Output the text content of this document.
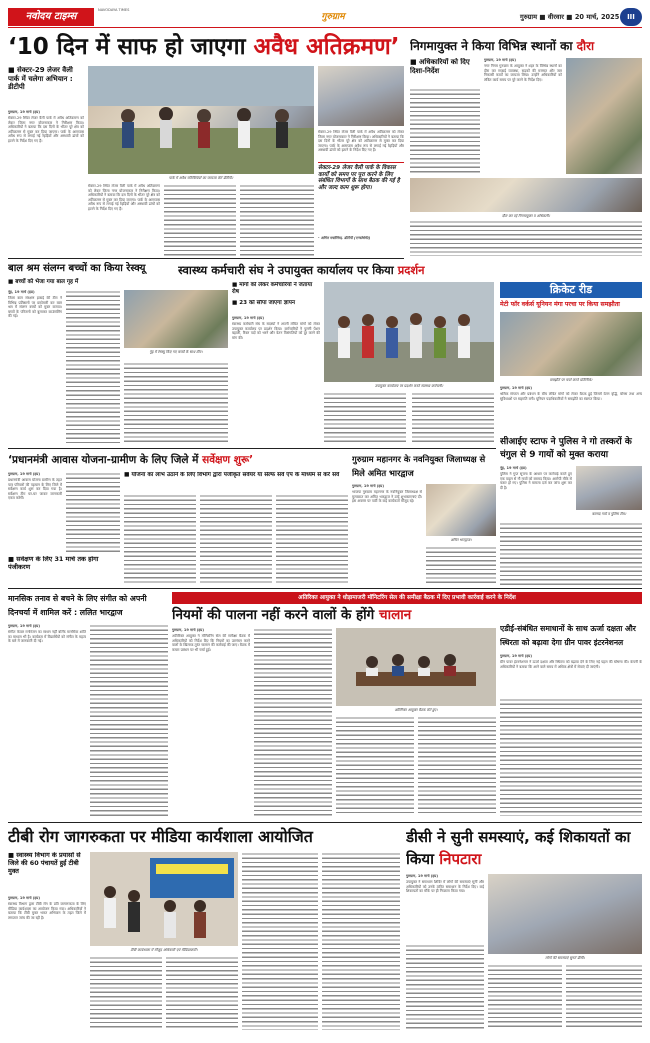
नवोदय टाइम्स
NAVODAYA TIMES
गुरुग्राम	गुरुग्राम ■ वीरवार ■ 20 मार्च, 2025	III
‘10 दिन में साफ हो जाएगा अवैध अतिक्रमण’
■ सेक्टर-29 लेजर वैली पार्क में चलेगा अभियान : डीटीपी
गुरुग्राम, 19 मार्च (हप्र)
सेक्टर-29 स्थित लेजर वैली पार्क में अवैध अतिक्रमण को लेकर जिला नगर योजनाकार ने निरीक्षण किया। अधिकारियों ने बताया कि दस दिनों के भीतर पूरे क्षेत्र को अतिक्रमण से मुक्त कर दिया जाएगा। पार्क के आसपास अवैध रूप से लगाई गई रेहड़ियों और अस्थायी ढांचों को हटाने के निर्देश दिए गए हैं।
पार्क में अवैध गतिविधियों का जायजा लेते डीटीपी।
सेक्टर-29 स्थित लेजर वैली पार्क में अवैध अतिक्रमण को लेकर जिला नगर योजनाकार ने निरीक्षण किया। अधिकारियों ने बताया कि दस दिनों के भीतर पूरे क्षेत्र को अतिक्रमण से मुक्त कर दिया जाएगा। पार्क के आसपास अवैध रूप से लगाई गई रेहड़ियों और अस्थायी ढांचों को हटाने के निर्देश दिए गए हैं।
सेक्टर-29 स्थित लेजर वैली पार्क में अवैध अतिक्रमण को लेकर जिला नगर योजनाकार ने निरीक्षण किया। अधिकारियों ने बताया कि दस दिनों के भीतर पूरे क्षेत्र को अतिक्रमण से मुक्त कर दिया जाएगा। पार्क के आसपास अवैध रूप से लगाई गई रेहड़ियों और अस्थायी ढांचों को हटाने के निर्देश दिए गए हैं।
सेक्टर-29 लेजर वैली पार्क के विकास कार्यों को समय पर पूरा करने के लिए संबंधित विभागों के साथ बैठक की गई है और जल्द काम शुरू होगा।
- अमित मधोलिया, डीटीपी (एन्फोर्समेंट)
निगमायुक्त ने किया विभिन्न स्थानों का दौरा
■ अधिकारियों को दिए दिशा-निर्देश
गुरुग्राम, 19 मार्च (हप्र)
नगर निगम गुरुग्राम के आयुक्त ने शहर के विभिन्न स्थानों का दौरा कर सफाई व्यवस्था, सड़कों की मरम्मत और जल निकासी कार्यों का जायजा लिया। उन्होंने अधिकारियों को लंबित कार्य समय पर पूरे करने के निर्देश दिए।
दौरा कर रहे निगमायुक्त व अधिकारी।
बाल श्रम संलग्न बच्चों का किया रेस्क्यू
■ बच्चों को भेजा गया बाल गृह में
नूंह, 19 मार्च (हप्र)
जिला बाल संरक्षण इकाई की टीम ने विभिन्न प्रतिष्ठानों पर छापेमारी कर बाल श्रम में संलग्न बच्चों को मुक्त कराया। बच्चों के परिजनों को बुलाकर काउंसलिंग की गई।
नूंह में रेस्क्यू किए गए बच्चों के साथ टीम।
स्वास्थ्य कर्मचारी संघ ने उपायुक्त कार्यालय पर किया प्रदर्शन
■ मांगों को लेकर कर्मचारियों ने जताया रोष
■ 23 को सौंपा जाएगा ज्ञापन
गुरुग्राम, 19 मार्च (हप्र)
स्वास्थ्य कर्मचारी संघ के सदस्यों ने अपनी लंबित मांगों को लेकर उपायुक्त कार्यालय पर प्रदर्शन किया। कर्मचारियों ने पुरानी पेंशन बहाली, रिक्त पदों को भरने और वेतन विसंगतियों को दूर करने की मांग की।
उपायुक्त कार्यालय पर प्रदर्शन करते स्वास्थ्य कर्मचारी।
क्रिकेट रीड
मेटी फॉर वर्कर्स यूनियन मंगा परचा पर किया समझौता
समझौते पर चर्चा करते प्रतिनिधि।
गुरुग्राम, 19 मार्च (हप्र)
श्रमिक संगठन और प्रबंधन के बीच लंबित मांगों को लेकर बैठक हुई जिसमें वेतन वृद्धि, बोनस तथा अन्य सुविधाओं पर सहमति बनी। यूनियन पदाधिकारियों ने समझौते का स्वागत किया।
सीआईए स्टाफ ने पुलिस ने गो तस्करों के चंगुल से 9 गायों को मुक्त कराया
नूंह, 19 मार्च (हप्र)
पुलिस ने गुप्त सूचना के आधार पर कार्रवाई करते हुए एक वाहन से नौ गायों को बरामद किया। आरोपी मौके से फरार हो गए। पुलिस ने मामला दर्ज कर जांच शुरू कर दी है।
बरामद गायें व पुलिस टीम।
‘प्रधानमंत्री आवास योजना-ग्रामीण के लिए जिले में सर्वेक्षण शुरू’
गुरुग्राम, 19 मार्च (हप्र)
प्रधानमंत्री आवास योजना ग्रामीण के तहत पात्र परिवारों की पहचान के लिए जिले में सर्वेक्षण कार्य शुरू कर दिया गया है। सर्वेक्षण टीम घर-घर जाकर जानकारी एकत्र करेगी।
■ योजना का लाभ उठाने के लिए विभाग द्वारा पंजीकृत सर्वेयर या सेल्फ सर्वे एप के माध्यम से करें सर्वे
■ सर्वेक्षण के लिए 31 मार्च तक होगा पंजीकरण
गुरुग्राम महानगर के नवनियुक्त जिलाध्यक्ष से मिले अमित भारद्वाज
गुरुग्राम, 19 मार्च (हप्र)
भाजपा गुरुग्राम महानगर के नवनियुक्त जिलाध्यक्ष से मुलाकात कर अमित भारद्वाज ने उन्हें शुभकामनाएं दीं। इस अवसर पर पार्टी के कई कार्यकर्ता मौजूद रहे।
अमित भारद्वाज।
मानसिक तनाव से बचने के लिए संगीत को अपनी दिनचर्या में शामिल करें : ललित भारद्वाज
गुरुग्राम, 19 मार्च (हप्र)
संगीत केवल मनोरंजन का साधन नहीं बल्कि मानसिक शांति का माध्यम भी है। कार्यक्रम में विद्यार्थियों को संगीत के महत्व के बारे में जानकारी दी गई।
अतिरिक्त आयुक्त ने धोड़ामाजरी मॉनिटरिंग सेल की समीक्षा बैठक में दिए प्रभावी कार्रवाई करने के निर्देश
नियमों की पालना नहीं करने वालों के होंगे चालान
गुरुग्राम, 19 मार्च (हप्र)
अतिरिक्त आयुक्त ने मॉनिटरिंग सेल की समीक्षा बैठक में अधिकारियों को निर्देश दिए कि नियमों का उल्लंघन करने वालों के खिलाफ तुरंत चालान की कार्रवाई की जाए। बैठक में कचरा प्रबंधन पर भी चर्चा हुई।
अतिरिक्त आयुक्त बैठक लेते हुए।
एडीई-संबंधित समाधानों के साथ ऊर्जा दक्षता और स्थिरता को बढ़ावा देगा ग्रीन पावर इंटरनेशनल
गुरुग्राम, 19 मार्च (हप्र)
ग्रीन पावर इंटरनेशनल ने ऊर्जा दक्षता और स्थिरता को बढ़ावा देने के लिए नई पहल की घोषणा की। कंपनी के अधिकारियों ने बताया कि आने वाले समय में अधिक क्षेत्रों में सेवाएं दी जाएंगी।
टीबी रोग जागरुकता पर मीडिया कार्यशाला आयोजित
■ स्वास्थ्य विभाग के प्रयासों से जिले की 60 पंचायतें हुईं टीबी मुक्त
गुरुग्राम, 19 मार्च (हप्र)
स्वास्थ्य विभाग द्वारा टीबी रोग के प्रति जागरूकता के लिए मीडिया कार्यशाला का आयोजन किया गया। अधिकारियों ने बताया कि टीबी मुक्त भारत अभियान के तहत जिले में लगातार जांच की जा रही है।
टीबी कार्यशाला में मौजूद अधिकारी एवं मीडियाकर्मी।
डीसी ने सुनी समस्याएं, कई शिकायतों का किया निपटारा
गुरुग्राम, 19 मार्च (हप्र)
उपायुक्त ने समाधान शिविर में लोगों की समस्याएं सुनीं और अधिकारियों को उनके त्वरित समाधान के निर्देश दिए। कई शिकायतों का मौके पर ही निपटारा किया गया।
लोगों की समस्याएं सुनते डीसी।
